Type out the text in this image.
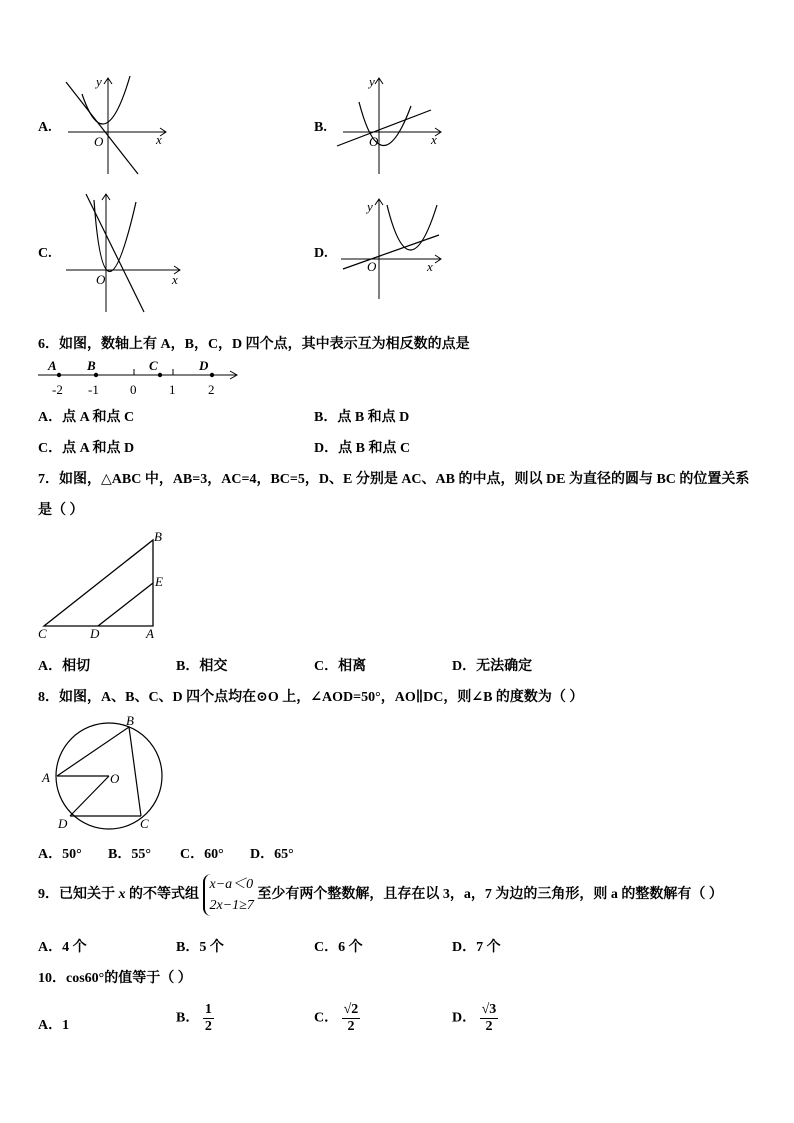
A.
x
y
O
B.
x
y
O
C.
x
O
D.
x
y
O
6．如图，数轴上有 A，B，C，D 四个点，其中表示互为相反数的点是
A B	C	D
-2 -1 0	1	2
A．点 A 和点 C	B．点 B 和点 D
C．点 A 和点 D	D．点 B 和点 C
7．如图，△ABC 中，AB=3，AC=4，BC=5，D、E 分别是 AC、AB 的中点，则以 DE 为直径的圆与 BC 的位置关系
是（ ）
B
E
C	D	A
A．相切	B．相交	C．相离	D．无法确定
8．如图，A、B、C、D 四个点均在⊙O 上，∠AOD=50°，AO∥DC，则∠B 的度数为（ ）
B
A	O
D	C
A．50° B．55° C．60° D．65°
9．已知关于 x 的不等式组
x−a＜0
2x−1≥7
至少有两个整数解，且存在以 3，a，7 为边的三角形，则 a 的整数解有（ ）
A．4 个	B．5 个	C．6 个	D．7 个
10．cos60°的值等于（ ）
A．1	B． $\frac{1}{2}$	C． $\frac{√2}{2}$	D． $\frac{√3}{2}$
